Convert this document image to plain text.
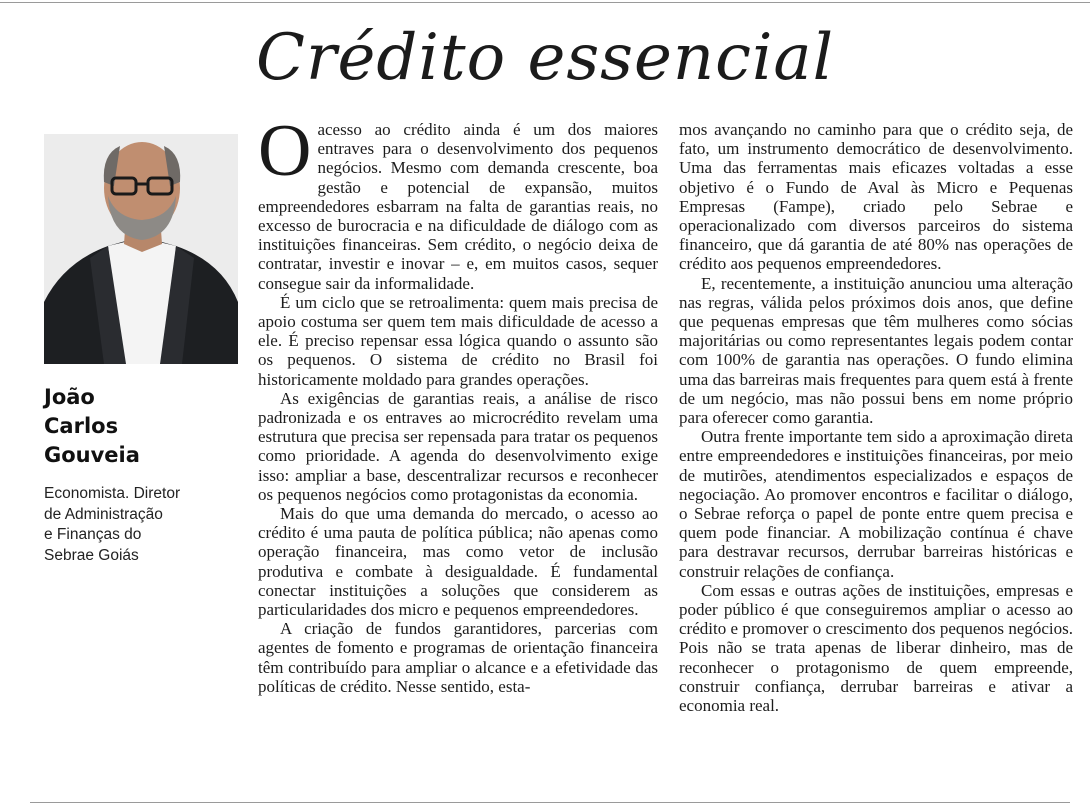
Crédito essencial
João
Carlos
Gouveia
Economista. Diretor
de Administração
e Finanças do
Sebrae Goiás

Oacesso ao crédito ainda é um dos maiores entraves para o desenvolvimento dos pequenos negócios. Mesmo com demanda crescente, boa gestão e potencial de expansão, muitos empreendedores esbarram na falta de garantias reais, no excesso de burocracia e na dificuldade de diálogo com as instituições financeiras. Sem crédito, o negócio deixa de contratar, investir e inovar – e, em muitos casos, sequer consegue sair da informalidade.

É um ciclo que se retroalimenta: quem mais precisa de apoio costuma ser quem tem mais dificuldade de acesso a ele. É preciso repensar essa lógica quando o assunto são os pequenos. O sistema de crédito no Brasil foi historicamente moldado para grandes operações.

As exigências de garantias reais, a análise de risco padronizada e os entraves ao microcrédito revelam uma estrutura que precisa ser repensada para tratar os pequenos como prioridade. A agenda do desenvolvimento exige isso: ampliar a base, descentralizar recursos e reconhecer os pequenos negócios como protagonistas da economia.

Mais do que uma demanda do mercado, o acesso ao crédito é uma pauta de política pública; não apenas como operação financeira, mas como vetor de inclusão produtiva e combate à desigualdade. É fundamental conectar instituições a soluções que considerem as particularidades dos micro e pequenos empreendedores.

A criação de fundos garantidores, parcerias com agentes de fomento e programas de orientação financeira têm contribuído para ampliar o alcance e a efetividade das políticas de crédito. Nesse sentido, esta-

mos avançando no caminho para que o crédito seja, de fato, um instrumento democrático de desenvolvimento. Uma das ferramentas mais eficazes voltadas a esse objetivo é o Fundo de Aval às Micro e Pequenas Empresas (Fampe), criado pelo Sebrae e operacionalizado com diversos parceiros do sistema financeiro, que dá garantia de até 80% nas operações de crédito aos pequenos empreendedores.

E, recentemente, a instituição anunciou uma alteração nas regras, válida pelos próximos dois anos, que define que pequenas empresas que têm mulheres como sócias majoritárias ou como representantes legais podem contar com 100% de garantia nas operações. O fundo elimina uma das barreiras mais frequentes para quem está à frente de um negócio, mas não possui bens em nome próprio para oferecer como garantia.

Outra frente importante tem sido a aproximação direta entre empreendedores e instituições financeiras, por meio de mutirões, atendimentos especializados e espaços de negociação. Ao promover encontros e facilitar o diálogo, o Sebrae reforça o papel de ponte entre quem precisa e quem pode financiar. A mobilização contínua é chave para destravar recursos, derrubar barreiras históricas e construir relações de confiança.

Com essas e outras ações de instituições, empresas e poder público é que conseguiremos ampliar o acesso ao crédito e promover o crescimento dos pequenos negócios. Pois não se trata apenas de liberar dinheiro, mas de reconhecer o protagonismo de quem empreende, construir confiança, derrubar barreiras e ativar a economia real.
